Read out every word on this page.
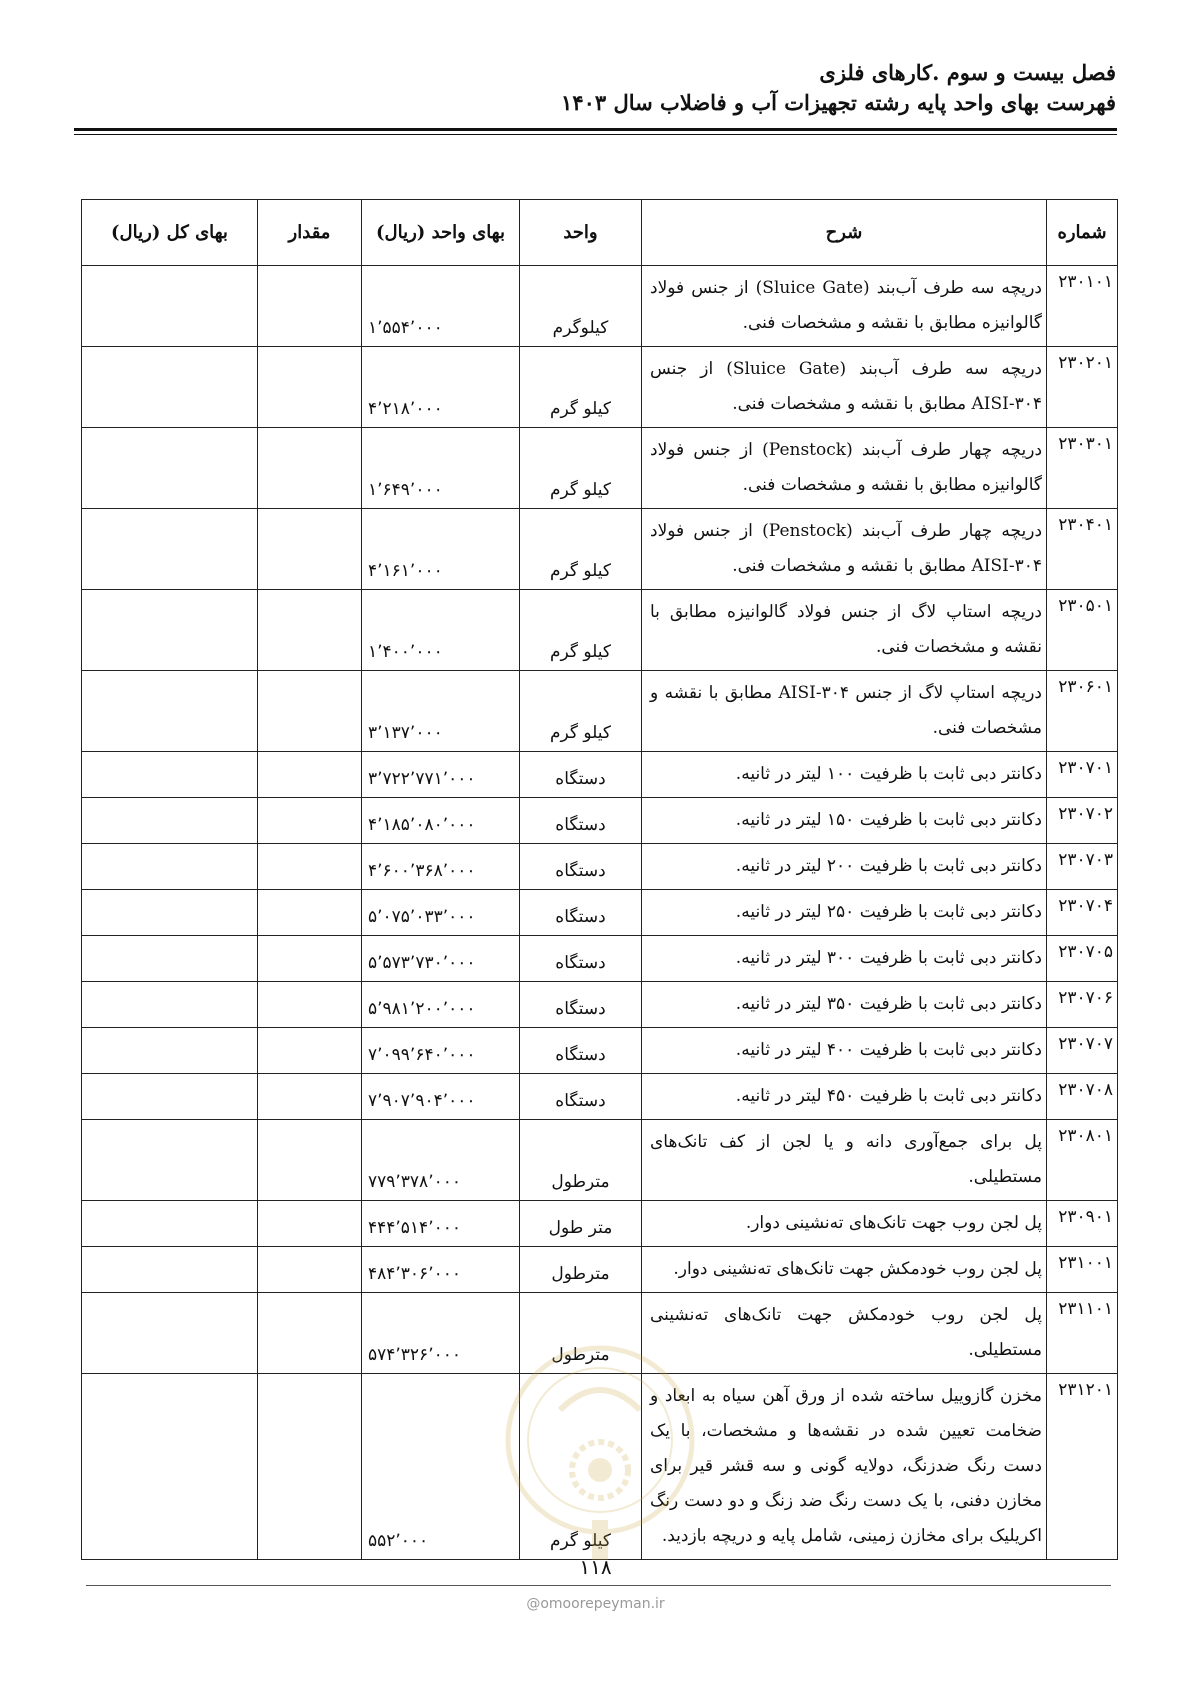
فصل بیست و سوم .کارهای فلزی
فهرست بهای واحد پایه رشته تجهیزات آب و فاضلاب سال ۱۴۰۳
شماره	شرح	واحد	بهای واحد (ریال)	مقدار	بهای کل (ریال)
۲۳۰۱۰۱	دریچه سه طرف آب‌بند (Sluice Gate) از جنس فولاد گالوانیزه مطابق با نقشه و مشخصات فنی.	کیلوگرم	۱٬۵۵۴٬۰۰۰		
۲۳۰۲۰۱	دریچه سه طرف آب‌بند (Sluice Gate) از جنس AISI-۳۰۴ مطابق با نقشه و مشخصات فنی.	کیلو گرم	۴٬۲۱۸٬۰۰۰		
۲۳۰۳۰۱	دریچه چهار طرف آب‌بند (Penstock) از جنس فولاد گالوانیزه مطابق با نقشه و مشخصات فنی.	کیلو گرم	۱٬۶۴۹٬۰۰۰		
۲۳۰۴۰۱	دریچه چهار طرف آب‌بند (Penstock) از جنس فولاد AISI-۳۰۴ مطابق با نقشه و مشخصات فنی.	کیلو گرم	۴٬۱۶۱٬۰۰۰		
۲۳۰۵۰۱	دریچه استاپ لاگ از جنس فولاد گالوانیزه مطابق با نقشه و مشخصات فنی.	کیلو گرم	۱٬۴۰۰٬۰۰۰		
۲۳۰۶۰۱	دریچه استاپ لاگ از جنس AISI-۳۰۴ مطابق با نقشه و مشخصات فنی.	کیلو گرم	۳٬۱۳۷٬۰۰۰		
۲۳۰۷۰۱	دکانتر دبی ثابت با ظرفیت ۱۰۰ لیتر در ثانیه.	دستگاه	۳٬۷۲۲٬۷۷۱٬۰۰۰		
۲۳۰۷۰۲	دکانتر دبی ثابت با ظرفیت ۱۵۰ لیتر در ثانیه.	دستگاه	۴٬۱۸۵٬۰۸۰٬۰۰۰		
۲۳۰۷۰۳	دکانتر دبی ثابت با ظرفیت ۲۰۰ لیتر در ثانیه.	دستگاه	۴٬۶۰۰٬۳۶۸٬۰۰۰		
۲۳۰۷۰۴	دکانتر دبی ثابت با ظرفیت ۲۵۰ لیتر در ثانیه.	دستگاه	۵٬۰۷۵٬۰۳۳٬۰۰۰		
۲۳۰۷۰۵	دکانتر دبی ثابت با ظرفیت ۳۰۰ لیتر در ثانیه.	دستگاه	۵٬۵۷۳٬۷۳۰٬۰۰۰		
۲۳۰۷۰۶	دکانتر دبی ثابت با ظرفیت ۳۵۰ لیتر در ثانیه.	دستگاه	۵٬۹۸۱٬۲۰۰٬۰۰۰		
۲۳۰۷۰۷	دکانتر دبی ثابت با ظرفیت ۴۰۰ لیتر در ثانیه.	دستگاه	۷٬۰۹۹٬۶۴۰٬۰۰۰		
۲۳۰۷۰۸	دکانتر دبی ثابت با ظرفیت ۴۵۰ لیتر در ثانیه.	دستگاه	۷٬۹۰۷٬۹۰۴٬۰۰۰		
۲۳۰۸۰۱	پل برای جمع‌آوری دانه و یا لجن از کف تانک‌های مستطیلی.	مترطول	۷۷۹٬۳۷۸٬۰۰۰		
۲۳۰۹۰۱	پل لجن روب جهت تانک‌های ته‌نشینی دوار.	متر طول	۴۴۴٬۵۱۴٬۰۰۰		
۲۳۱۰۰۱	پل لجن روب خودمکش جهت تانک‌های ته‌نشینی دوار.	مترطول	۴۸۴٬۳۰۶٬۰۰۰		
۲۳۱۱۰۱	پل لجن روب خودمکش جهت تانک‌های ته‌نشینی مستطیلی.	مترطول	۵۷۴٬۳۲۶٬۰۰۰		
۲۳۱۲۰۱	مخزن گازوییل ساخته شده از ورق آهن سیاه به ابعاد و ضخامت تعیین شده در نقشه‌ها و مشخصات، با یک دست رنگ ضدزنگ، دولایه گونی و سه قشر قیر برای مخازن دفنی، با یک دست رنگ ضد زنگ و دو دست رنگ اکریلیک برای مخازن زمینی، شامل پایه و دریچه بازدید.	کیلو گرم	۵۵۲٬۰۰۰		
۱۱۸
@omoorepeyman.ir
